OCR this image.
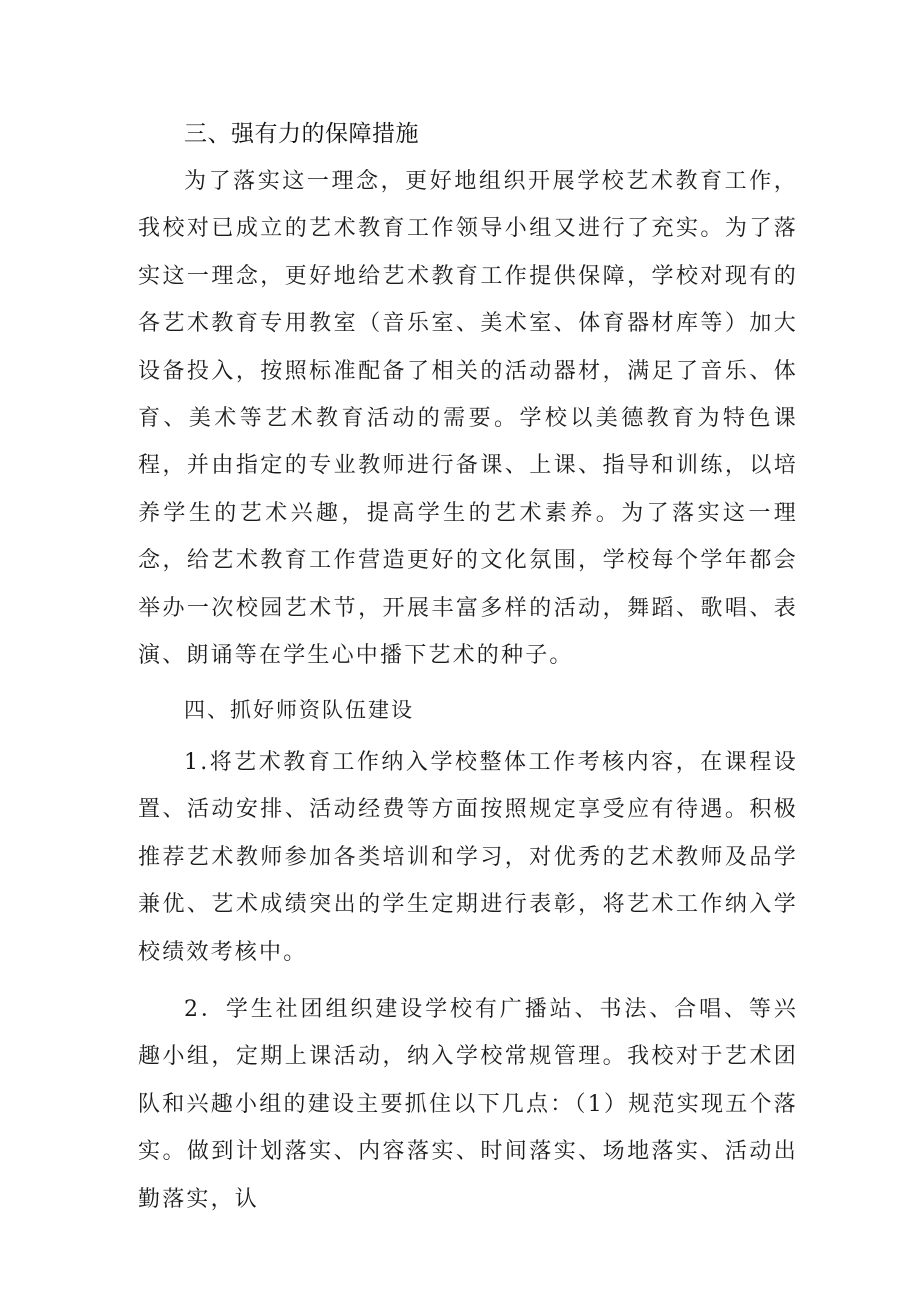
三、强有力的保障措施

为了落实这一理念，更好地组织开展学校艺术教育工作，我校对已成立的艺术教育工作领导小组又进行了充实。为了落实这一理念，更好地给艺术教育工作提供保障，学校对现有的各艺术教育专用教室（音乐室、美术室、体育器材库等）加大设备投入，按照标准配备了相关的活动器材，满足了音乐、体育、美术等艺术教育活动的需要。学校以美德教育为特色课程，并由指定的专业教师进行备课、上课、指导和训练，以培养学生的艺术兴趣，提高学生的艺术素养。为了落实这一理念，给艺术教育工作营造更好的文化氛围，学校每个学年都会举办一次校园艺术节，开展丰富多样的活动，舞蹈、歌唱、表演、朗诵等在学生心中播下艺术的种子。

四、抓好师资队伍建设

1.将艺术教育工作纳入学校整体工作考核内容，在课程设置、活动安排、活动经费等方面按照规定享受应有待遇。积极推荐艺术教师参加各类培训和学习，对优秀的艺术教师及品学兼优、艺术成绩突出的学生定期进行表彰，将艺术工作纳入学校绩效考核中。

2．学生社团组织建设学校有广播站、书法、合唱、等兴趣小组，定期上课活动，纳入学校常规管理。我校对于艺术团队和兴趣小组的建设主要抓住以下几点：（1）规范实现五个落实。做到计划落实、内容落实、时间落实、场地落实、活动出勤落实，认
